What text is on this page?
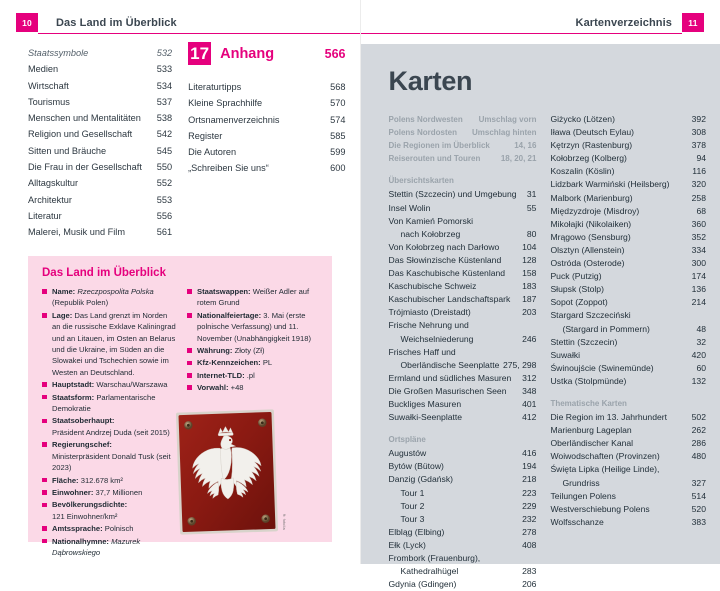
10	Das Land im Überblick
Staatssymbole	532
Medien	533
Wirtschaft	534
Tourismus	537
Menschen und Mentalitäten	538
Religion und Gesellschaft	542
Sitten und Bräuche	545
Die Frau in der Gesellschaft	550
Alltagskultur	552
Architektur	553
Literatur	556
Malerei, Musik und Film	561
17 Anhang	566
Literaturtipps	568
Kleine Sprachhilfe	570
Ortsnamenverzeichnis	574
Register	585
Die Autoren	599
„Schreiben Sie uns“	600
Das Land im Überblick
Name: Rzeczpospolita Polska
(Republik Polen)
Lage: Das Land grenzt im Norden an die russische Exklave Kaliningrad und an Litauen, im Osten an Belarus und die Ukraine, im Süden an die Slowakei und Tschechien sowie im Westen an Deutschland.
Hauptstadt: Warschau/Warszawa
Staatsform: Parlamentarische Demokratie
Staatsoberhaupt:
Präsident Andrzej Duda (seit 2015)
Regierungschef:
Ministerpräsident Donald Tusk (seit 2023)
Fläche: 312.678 km²
Einwohner: 37,7 Millionen
Bevölkerungsdichte:
121 Einwohner/km²
Amtssprache: Polnisch
Nationalhymne: Mazurek Dąbrowskiego
Staatswappen: Weißer Adler auf rotem Grund
Nationalfeiertage: 3. Mai (erste polnische Verfassung) und 11. November (Unabhängigkeit 1918)
Währung: Złoty (Zł)
Kfz-Kennzeichen: PL
Internet-TLD: .pl
Vorwahl: +48
ft: fotolia
Kartenverzeichnis	11
Karten
Polens Nordwesten	Umschlag vorn
Polens Nordosten	Umschlag hinten
Die Regionen im Überblick	14, 16
Reiserouten und Touren	18, 20, 21
Übersichtskarten
Stettin (Szczecin) und Umgebung	31
Insel Wolin	55
Von Kamień Pomorski
nach Kołobrzeg	80
Von Kołobrzeg nach Darłowo	104
Das Słowinzische Küstenland	128
Das Kaschubische Küstenland	158
Kaschubische Schweiz	183
Kaschubischer Landschaftspark	187
Trójmiasto (Dreistadt)	203
Frische Nehrung und
Weichselniederung	246
Frisches Haff und
Oberländische Seenplatte 275, 298
Ermland und südliches Masuren	312
Die Großen Masurischen Seen	348
Buckliges Masuren	401
Suwałki-Seenplatte	412
Ortspläne
Augustów	416
Bytów (Bütow)	194
Danzig (Gdańsk)	218
Tour 1	223
Tour 2	229
Tour 3	232
Elbląg (Elbing)	278
Ełk (Lyck)	408
Frombork (Frauenburg),
Kathedralhügel	283
Gdynia (Gdingen)	206
Giżycko (Lötzen)	392
Iława (Deutsch Eylau)	308
Kętrzyn (Rastenburg)	378
Kołobrzeg (Kolberg)	94
Koszalin (Köslin)	116
Lidzbark Warmiński (Heilsberg)	320
Malbork (Marienburg)	258
Międzyzdroje (Misdroy)	68
Mikołajki (Nikolaiken)	360
Mrągowo (Sensburg)	352
Olsztyn (Allenstein)	334
Ostróda (Osterode)	300
Puck (Putzig)	174
Słupsk (Stolp)	136
Sopot (Zoppot)	214
Stargard Szczeciński
(Stargard in Pommern)	48
Stettin (Szczecin)	32
Suwałki	420
Świnoujście (Swinemünde)	60
Ustka (Stolpmünde)	132
Thematische Karten
Die Region im 13. Jahrhundert	502
Marienburg Lageplan	262
Oberländischer Kanal	286
Woiwodschaften (Provinzen)	480
Święta Lipka (Heilige Linde),
Grundriss	327
Teilungen Polens	514
Westverschiebung Polens	520
Wolfsschanze	383
